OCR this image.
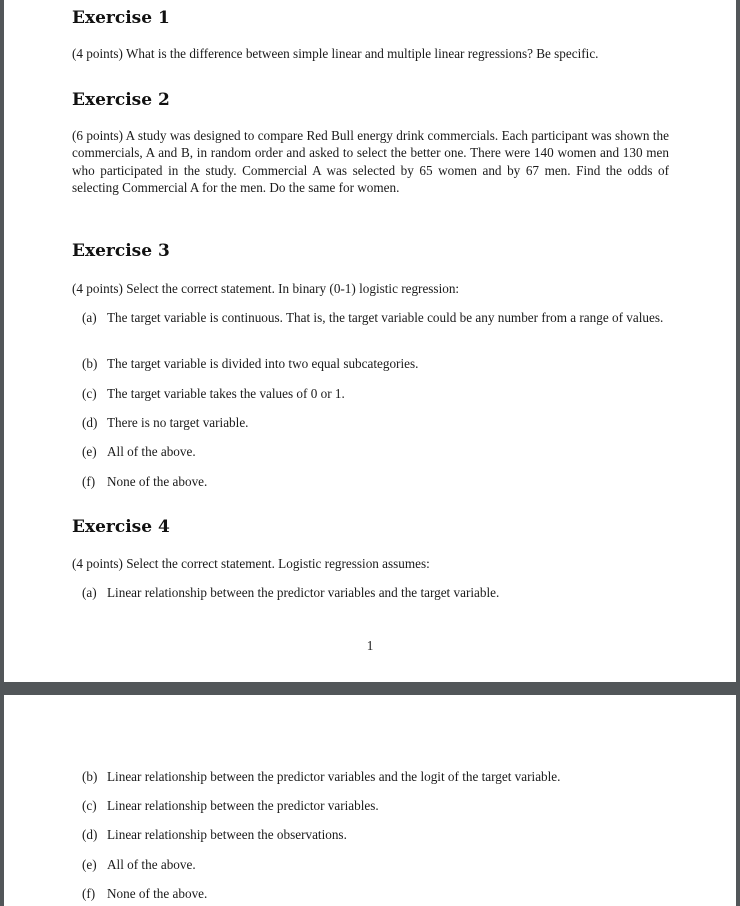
Exercise 1

(4 points) What is the difference between simple linear and multiple linear regressions? Be specific.

Exercise 2

(6 points) A study was designed to compare Red Bull energy drink commercials. Each participant was shown the commercials, A and B, in random order and asked to select the better one. There were 140 women and 130 men who participated in the study. Commercial A was selected by 65 women and by 67 men. Find the odds of selecting Commercial A for the men. Do the same for women.

Exercise 3

(4 points) Select the correct statement. In binary (0-1) logistic regression:

(a) The target variable is continuous. That is, the target variable could be any number from a range of values.
(b) The target variable is divided into two equal subcategories.
(c) The target variable takes the values of 0 or 1.
(d) There is no target variable.
(e) All of the above.
(f) None of the above.
Exercise 4

(4 points) Select the correct statement. Logistic regression assumes:

(a) Linear relationship between the predictor variables and the target variable.
1
(b) Linear relationship between the predictor variables and the logit of the target variable.
(c) Linear relationship between the predictor variables.
(d) Linear relationship between the observations.
(e) All of the above.
(f) None of the above.
